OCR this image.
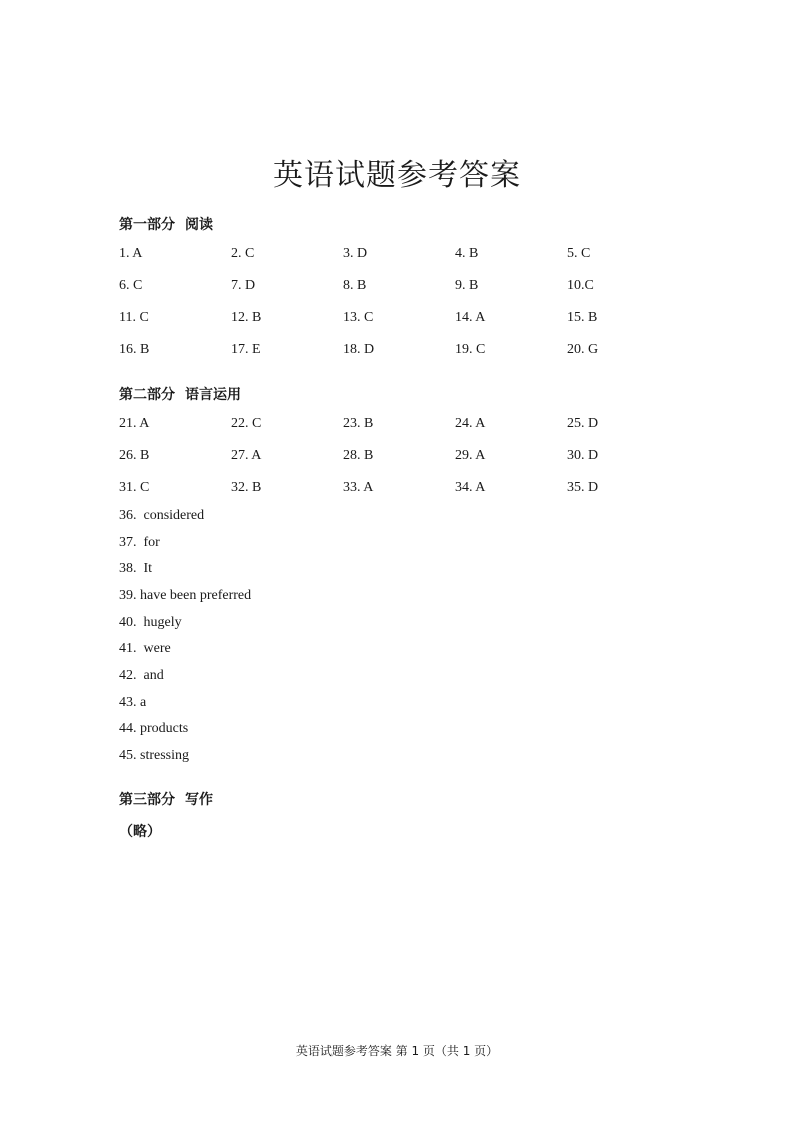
英语试题参考答案
第一部分 阅读
1. A	2. C	3. D	4. B	5. C
6. C	7. D	8. B	9. B	10.C
11. C	12. B	13. C	14. A	15. B
16. B	17. E	18. D	19. C	20. G
第二部分 语言运用
21. A	22. C	23. B	24. A	25. D
26. B	27. A	28. B	29. A	30. D
31. C	32. B	33. A	34. A	35. D
36.  considered
37.  for
38.  It
39. have been preferred
40.  hugely
41.  were
42.  and
43. a
44. products
45. stressing
第三部分 写作
（略）
英语试题参考答案 第 1 页（共 1 页）
